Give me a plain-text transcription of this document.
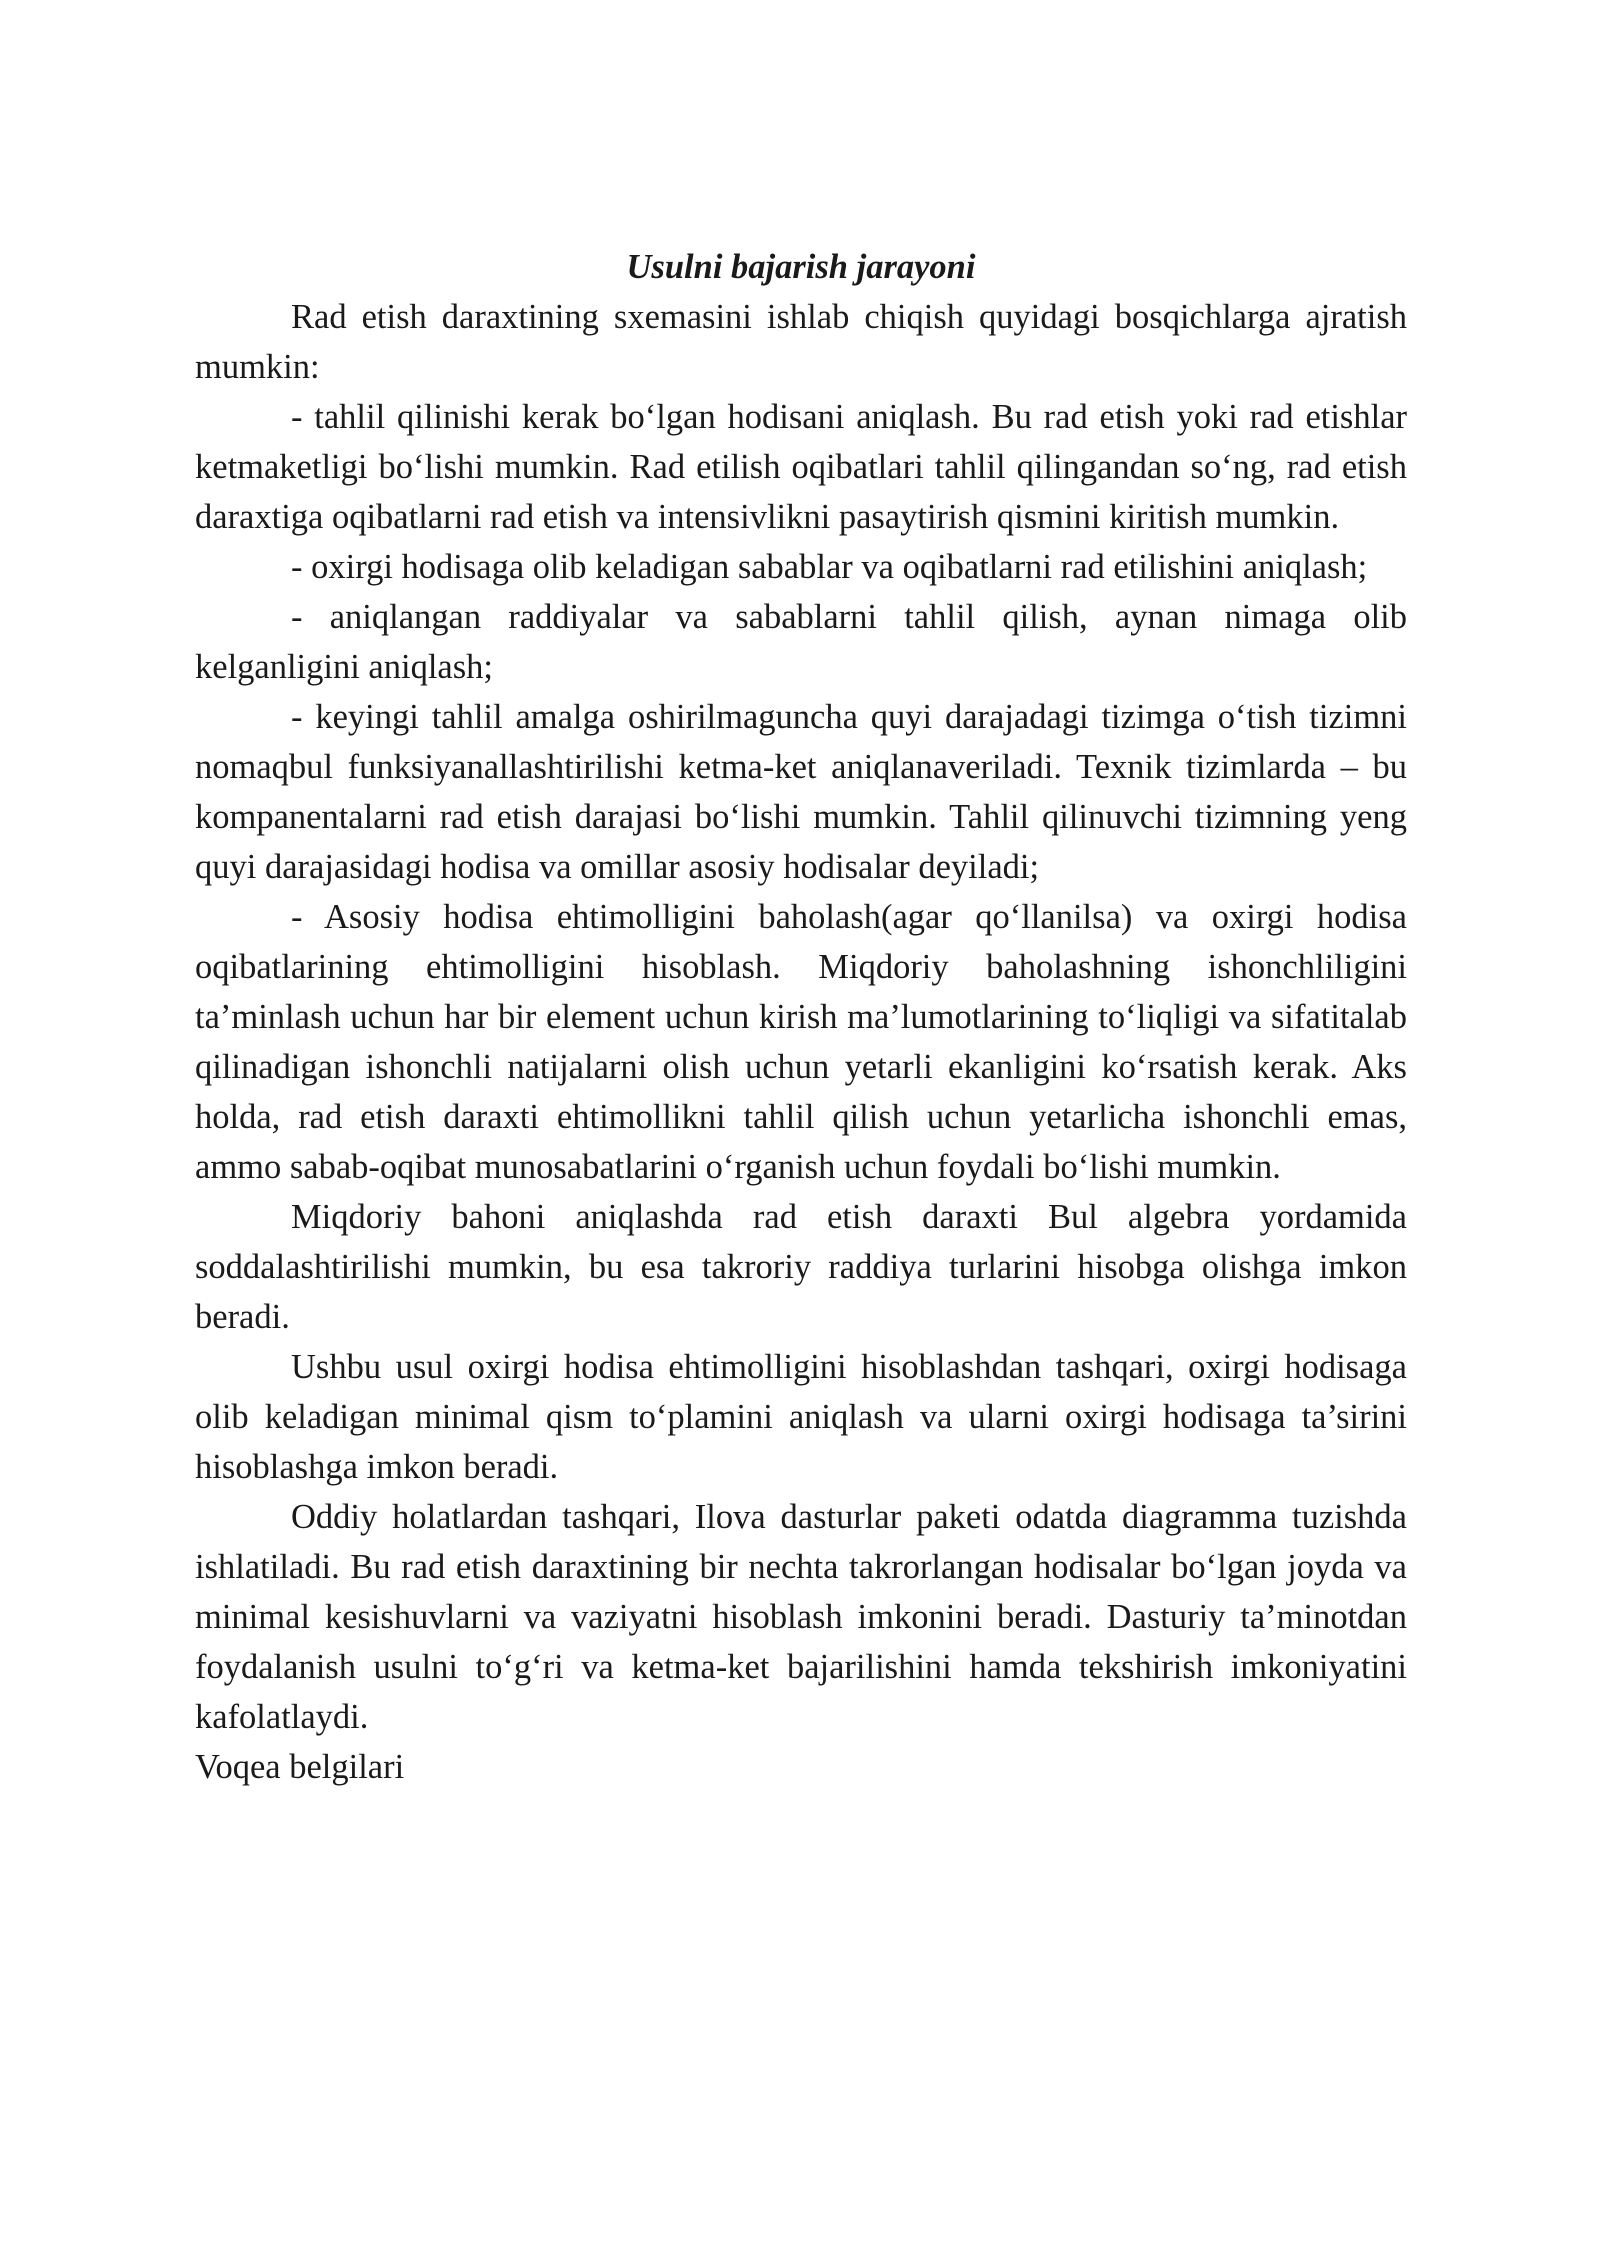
Usulni bajarish jarayoni

Rad etish daraxtining sxemasini ishlab chiqish quyidagi bosqichlarga ajratish mumkin:

- tahlil qilinishi kerak bo‘lgan hodisani aniqlash. Bu rad etish yoki rad etishlar ketmaketligi bo‘lishi mumkin. Rad etilish oqibatlari tahlil qilingandan so‘ng, rad etish daraxtiga oqibatlarni rad etish va intensivlikni pasaytirish qismini kiritish mumkin.

- oxirgi hodisaga olib keladigan sabablar va oqibatlarni rad etilishini aniqlash;

- aniqlangan raddiyalar va sabablarni tahlil qilish, aynan nimaga olib kelganligini aniqlash;

- keyingi tahlil amalga oshirilmaguncha quyi darajadagi tizimga o‘tish tizimni nomaqbul funksiyanallashtirilishi ketma-ket aniqlanaveriladi. Texnik tizimlarda – bu kompanentalarni rad etish darajasi bo‘lishi mumkin. Tahlil qilinuvchi tizimning yeng quyi darajasidagi hodisa va omillar asosiy hodisalar deyiladi;

- Asosiy hodisa ehtimolligini baholash(agar qo‘llanilsa) va oxirgi hodisa oqibatlarining ehtimolligini hisoblash. Miqdoriy baholashning ishonchliligini ta’minlash uchun har bir element uchun kirish ma’lumotlarining to‘liqligi va sifatitalab qilinadigan ishonchli natijalarni olish uchun yetarli ekanligini ko‘rsatish kerak. Aks holda, rad etish daraxti ehtimollikni tahlil qilish uchun yetarlicha ishonchli emas, ammo sabab-oqibat munosabatlarini o‘rganish uchun foydali bo‘lishi mumkin.

Miqdoriy bahoni aniqlashda rad etish daraxti Bul algebra yordamida soddalashtirilishi mumkin, bu esa takroriy raddiya turlarini hisobga olishga imkon beradi.

Ushbu usul oxirgi hodisa ehtimolligini hisoblashdan tashqari, oxirgi hodisaga olib keladigan minimal qism to‘plamini aniqlash va ularni oxirgi hodisaga ta’sirini hisoblashga imkon beradi.

Oddiy holatlardan tashqari, Ilova dasturlar paketi odatda diagramma tuzishda ishlatiladi. Bu rad etish daraxtining bir nechta takrorlangan hodisalar bo‘lgan joyda va minimal kesishuvlarni va vaziyatni hisoblash imkonini beradi. Dasturiy ta’minotdan foydalanish usulni to‘g‘ri va ketma-ket bajarilishini hamda tekshirish imkoniyatini kafolatlaydi.

Voqea belgilari
